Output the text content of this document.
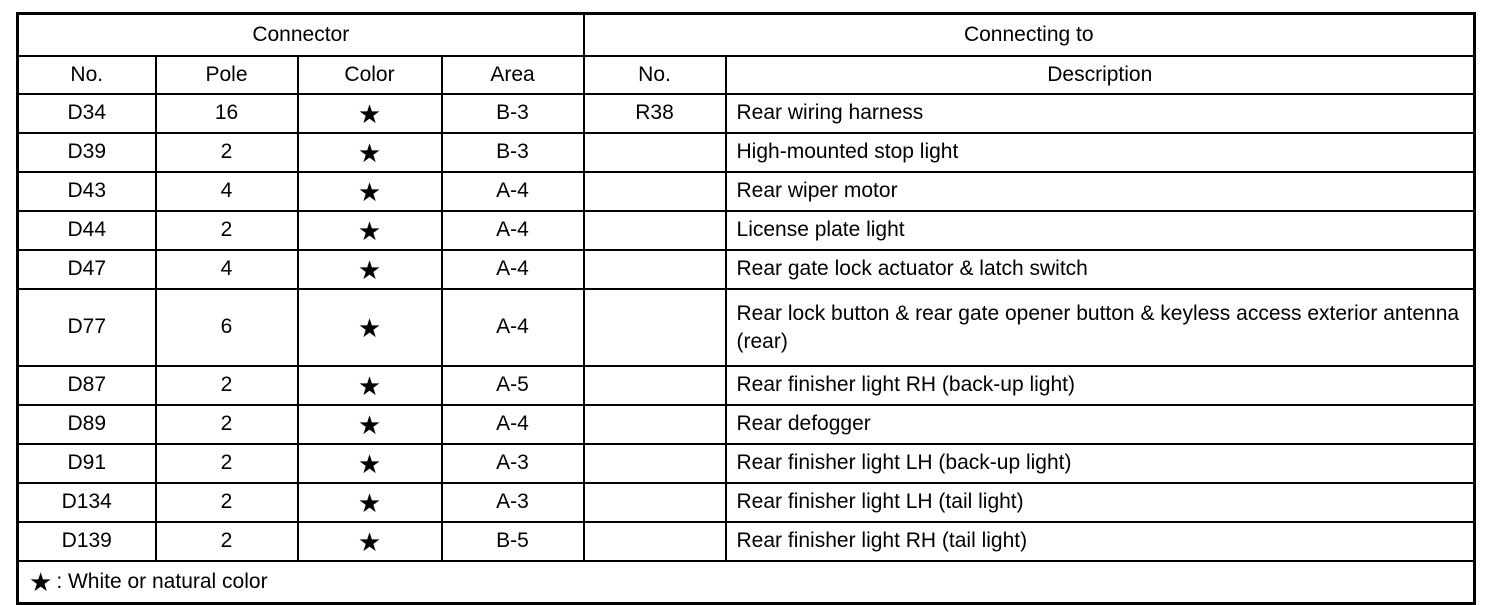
Connector				Connecting to	
No.	Pole	Color	Area	No.	Description

D34	16	★	B-3	R38	Rear wiring harness

D39	2	★	B-3		High-mounted stop light

D43	4	★	A-4		Rear wiper motor

D44	2	★	A-4		License plate light

D47	4	★	A-4		Rear gate lock actuator & latch switch

D77	6	★	A-4		Rear lock button & rear gate opener button & keyless access exterior antenna (rear)

D87	2	★	A-5		Rear finisher light RH (back-up light)

D89	2	★	A-4		Rear defogger

D91	2	★	A-3		Rear finisher light LH (back-up light)

D134	2	★	A-3		Rear finisher light LH (tail light)

D139	2	★	B-5		Rear finisher light RH (tail light)

★ : White or natural color					
